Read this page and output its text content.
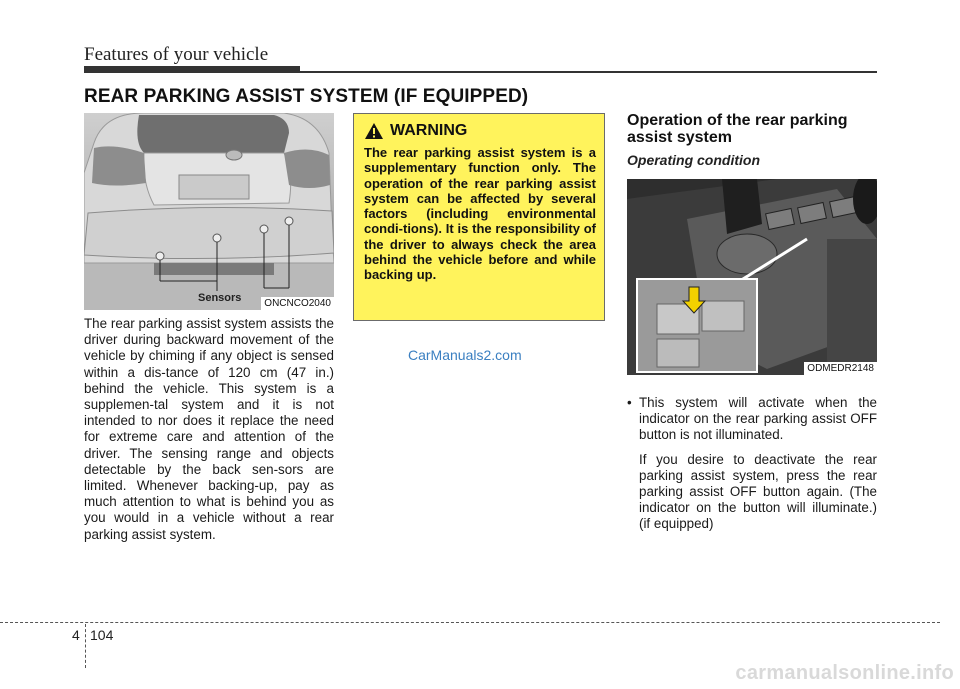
Features of your vehicle
REAR PARKING ASSIST SYSTEM (IF EQUIPPED)
Sensors	ONCNCO2040
The rear parking assist system assists the driver during backward movement of the vehicle by chiming if any object is sensed within a dis-tance of 120 cm (47 in.) behind the vehicle. This system is a supplemen-tal system and it is not intended to nor does it replace the need for extreme care and attention of the driver. The sensing range and objects detectable by the back sen-sors are limited. Whenever backing-up, pay as much attention to what is behind you as you would in a vehicle without a rear parking assist system.
WARNING
The rear parking assist system is a supplementary function only. The operation of the rear parking assist system can be affected by several factors (including environmental condi-tions). It is the responsibility of the driver to always check the area behind the vehicle before and while backing up.
CarManuals2.com
Operation of the rear parking assist system
Operating condition
ODMEDR2148
• This system will activate when the indicator on the rear parking assist OFF button is not illuminated.
If you desire to deactivate the rear parking assist system, press the rear parking assist OFF button again. (The indicator on the button will illuminate.) (if equipped)
4 104
carmanualsonline.info
